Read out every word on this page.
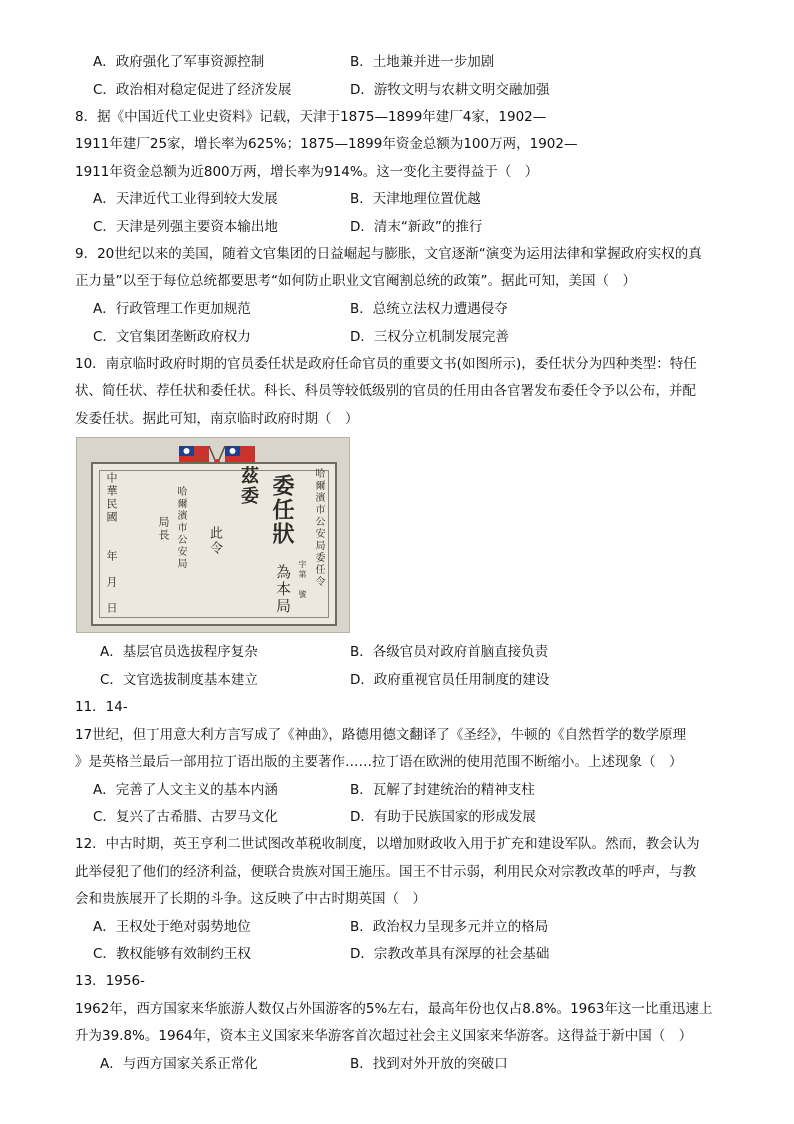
A．政府强化了军事资源控制	B．土地兼并进一步加剧
C．政治相对稳定促进了经济发展	D．游牧文明与农耕文明交融加强
8．据《中国近代工业史资料》记载，天津于1875—1899年建厂4家，1902—
1911年建厂25家，增长率为625%；1875—1899年资金总额为100万两，1902—
1911年资金总额为近800万两，增长率为914%。这一变化主要得益于（　）
A．天津近代工业得到较大发展	B．天津地理位置优越
C．天津是列强主要资本输出地	D．清末“新政”的推行
9．20世纪以来的美国，随着文官集团的日益崛起与膨胀，文官逐渐“演变为运用法律和掌握政府实权的真
正力量”以至于每位总统都要思考“如何防止职业文官阉割总统的政策”。据此可知，美国（　）
A．行政管理工作更加规范	B．总统立法权力遭遇侵夺
C．文官集团垄断政府权力	D．三权分立机制发展完善
10．南京临时政府时期的官员委任状是政府任命官员的重要文书(如图所示)，委任状分为四种类型：特任
状、简任状、荐任状和委任状。科长、科员等较低级别的官员的任用由各官署发布委任令予以公布，并配
发委任状。据此可知，南京临时政府时期（　）
中華民國　　年　月　日	哈爾濱市公安局
局長	此令
茲委 委任狀
為本局
哈爾濱市公安局委任令
字第　號
A．基层官员选拔程序复杂	B．各级官员对政府首脑直接负责
C．文官选拔制度基本建立	D．政府重视官员任用制度的建设
11．14-
17世纪，但丁用意大利方言写成了《神曲》，路德用德文翻译了《圣经》，牛顿的《自然哲学的数学原理
》是英格兰最后一部用拉丁语出版的主要著作……拉丁语在欧洲的使用范围不断缩小。上述现象（　）
A．完善了人文主义的基本内涵	B．瓦解了封建统治的精神支柱
C．复兴了古希腊、古罗马文化	D．有助于民族国家的形成发展
12．中古时期，英王亨利二世试图改革税收制度，以增加财政收入用于扩充和建设军队。然而，教会认为
此举侵犯了他们的经济利益，便联合贵族对国王施压。国王不甘示弱，利用民众对宗教改革的呼声，与教
会和贵族展开了长期的斗争。这反映了中古时期英国（　）
A．王权处于绝对弱势地位	B．政治权力呈现多元并立的格局
C．教权能够有效制约王权	D．宗教改革具有深厚的社会基础
13．1956-
1962年，西方国家来华旅游人数仅占外国游客的5%左右，最高年份也仅占8.8%。1963年这一比重迅速上
升为39.8%。1964年，资本主义国家来华游客首次超过社会主义国家来华游客。这得益于新中国（　）
A．与西方国家关系正常化	B．找到对外开放的突破口
